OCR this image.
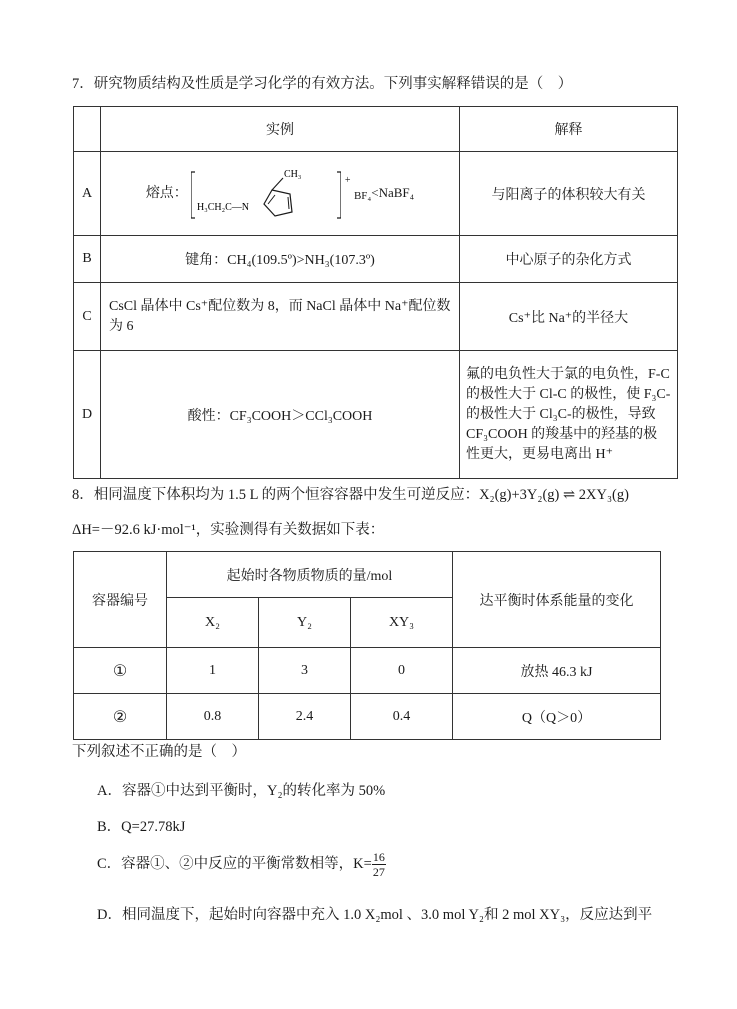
7．研究物质结构及性质是学习化学的有效方法。下列事实解释错误的是（　）
	实例	解释
A	熔点：
CH₃
H₃CH₂C—N
+ BF₄<NaBF₄	与阳离子的体积较大有关
B	键角：CH₄(109.5º)>NH₃(107.3º)	中心原子的杂化方式
C	CsCl 晶体中 Cs⁺配位数为 8，而 NaCl 晶体中 Na⁺配位数为 6	Cs⁺比 Na⁺的半径大
D	酸性：CF₃COOH＞CCl₃COOH	氟的电负性大于氯的电负性，F-C 的极性大于 Cl-C 的极性，使 F₃C-的极性大于 Cl₃C-的极性，导致 CF₃COOH 的羧基中的羟基的极性更大，更易电离出 H⁺
8．相同温度下体积均为 1.5 L 的两个恒容容器中发生可逆反应：X₂(g)+3Y₂(g) ⇌ 2XY₃(g)
ΔH=－92.6 kJ·mol⁻¹，实验测得有关数据如下表：
容器编号	起始时各物质物质的量/mol			达平衡时体系能量的变化
	X₂	Y₂	XY₃	
①	1	3	0	放热 46.3 kJ
②	0.8	2.4	0.4	Q（Q＞0）
下列叙述不正确的是（　）
A．容器①中达到平衡时，Y₂的转化率为 50%
B．Q=27.78kJ
C．容器①、②中反应的平衡常数相等，$K= \frac{16}{27}$
D．相同温度下，起始时向容器中充入 1.0 X₂mol 、3.0 mol Y₂和 2 mol XY₃，反应达到平
